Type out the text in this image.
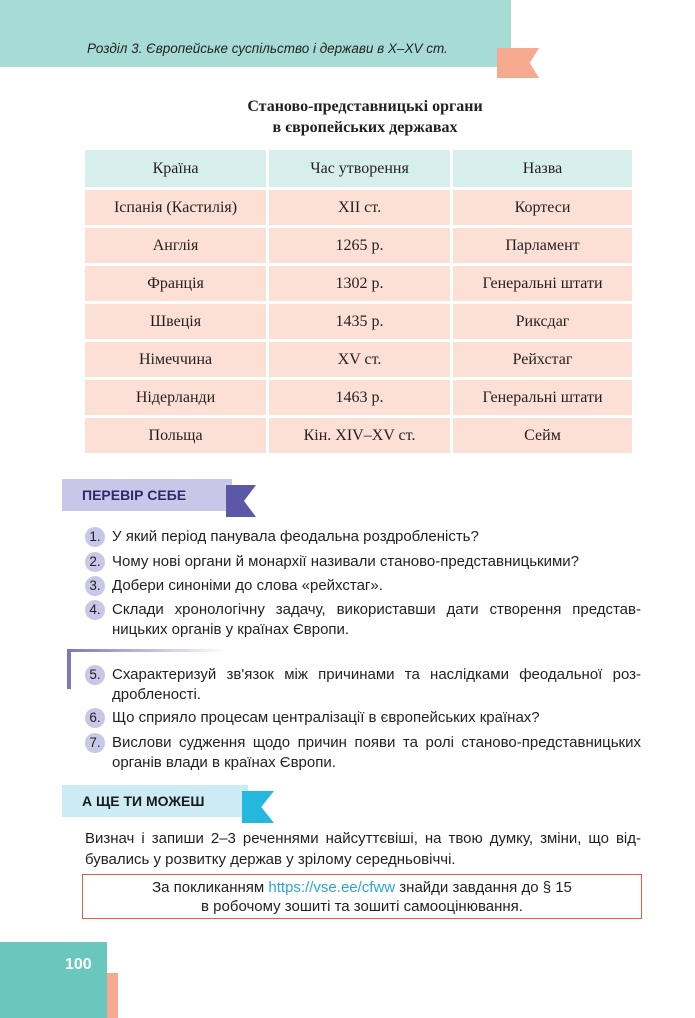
Розділ 3. Європейське суспільство і держави в Х–XV ст.
Станово-представницькі органи
в європейських державах
Країна	Час утворення	Назва
Іспанія (Кастилія)	XII ст.	Кортеси
Англія	1265 р.	Парламент
Франція	1302 р.	Генеральні штати
Швеція	1435 р.	Риксдаг
Німеччина	XV ст.	Рейхстаг
Нідерланди	1463 р.	Генеральні штати
Польща	Кін. XIV–XV ст.	Сейм
ПЕРЕВІР СЕБЕ
1. У який період панувала феодальна роздробленість?
2. Чому нові органи й монархії називали станово-представницькими?
3. Добери синоніми до слова «рейхстаг».
4. Склади хронологічну задачу, використавши дати створення представ-ницьких органів у країнах Європи.
5. Схарактеризуй зв'язок між причинами та наслідками феодальної роз-дробленості.
6. Що сприяло процесам централізації в європейських країнах?
7. Вислови судження щодо причин появи та ролі станово-представницьких органів влади в країнах Європи.
А ЩЕ ТИ МОЖЕШ
Визнач і запиши 2–3 реченнями найсуттєвіші, на твою думку, зміни, що від-бувались у розвитку держав у зрілому середньовіччі.
За покликанням https://vse.ee/cfww знайди завдання до § 15
в робочому зошиті та зошиті самооцінювання.
100
